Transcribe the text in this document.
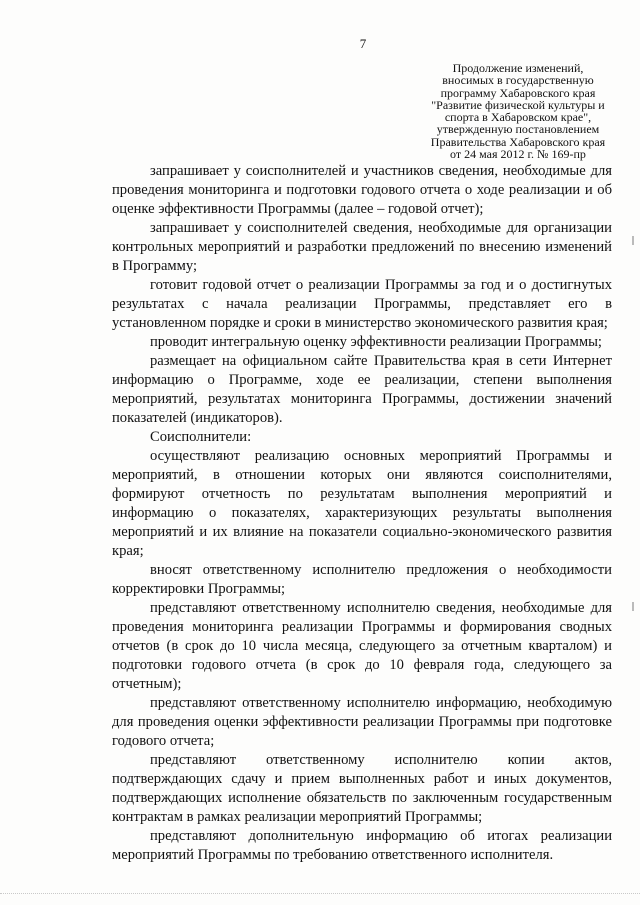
7
Продолжение изменений,
вносимых в государственную
программу Хабаровского края
"Развитие физической культуры и
спорта в Хабаровском крае",
утвержденную постановлением
Правительства Хабаровского края
от 24 мая 2012 г. № 169-пр

запрашивает у соисполнителей и участников сведения, необходимые для проведения мониторинга и подготовки годового отчета о ходе реализации и об оценке эффективности Программы (далее – годовой отчет);

запрашивает у соисполнителей сведения, необходимые для организации контрольных мероприятий и разработки предложений по внесению изменений в Программу;

готовит годовой отчет о реализации Программы за год и о достигнутых результатах с начала реализации Программы, представляет его в установленном порядке и сроки в министерство экономического развития края;

проводит интегральную оценку эффективности реализации Программы;

размещает на официальном сайте Правительства края в сети Интернет информацию о Программе, ходе ее реализации, степени выполнения мероприятий, результатах мониторинга Программы, достижении значений показателей (индикаторов).

Соисполнители:

осуществляют реализацию основных мероприятий Программы и мероприятий, в отношении которых они являются соисполнителями, формируют отчетность по результатам выполнения мероприятий и информацию о показателях, характеризующих результаты выполнения мероприятий и их влияние на показатели социально-экономического развития края;

вносят ответственному исполнителю предложения о необходимости корректировки Программы;

представляют ответственному исполнителю сведения, необходимые для проведения мониторинга реализации Программы и формирования сводных отчетов (в срок до 10 числа месяца, следующего за отчетным кварталом) и подготовки годового отчета (в срок до 10 февраля года, следующего за отчетным);

представляют ответственному исполнителю информацию, необходимую для проведения оценки эффективности реализации Программы при подготовке годового отчета;

представляют ответственному исполнителю копии актов, подтверждающих сдачу и прием выполненных работ и иных документов, подтверждающих исполнение обязательств по заключенным государственным контрактам в рамках реализации мероприятий Программы;

представляют дополнительную информацию об итогах реализации мероприятий Программы по требованию ответственного исполнителя.
